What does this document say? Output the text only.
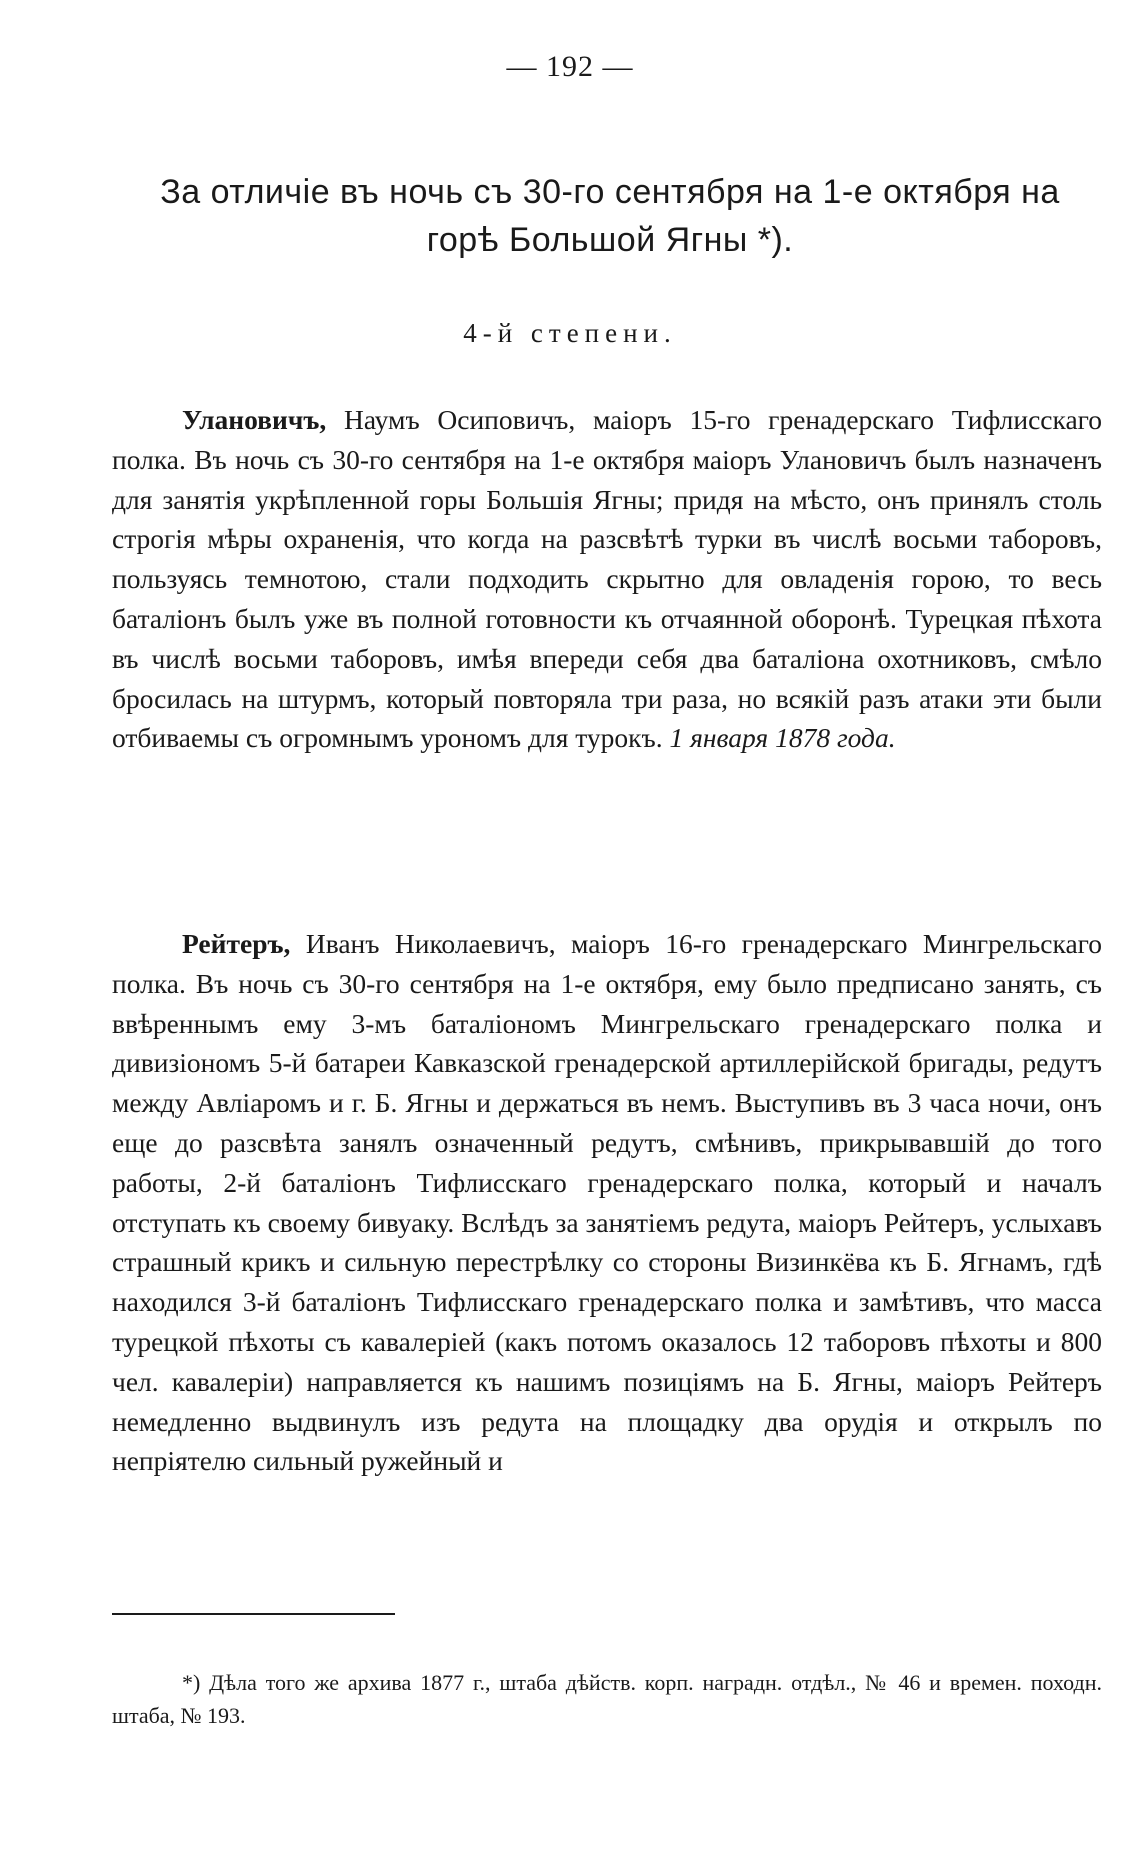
— 192 —
За отличіе въ ночь съ 30-го сентября на 1-е октября на
горѣ Большой Ягны *).
4-й степени.

Улановичъ, Наумъ Осиповичъ, маіоръ 15-го гренадерскаго Тифлисскаго полка. Въ ночь съ 30-го сентября на 1-е октября маіоръ Улановичъ былъ назначенъ для занятія укрѣпленной горы Большія Ягны; придя на мѣсто, онъ принялъ столь строгія мѣры охраненія, что когда на разсвѣтѣ турки въ числѣ восьми таборовъ, пользуясь темнотою, стали подходить скрытно для овладенія горою, то весь баталіонъ былъ уже въ полной готовности къ отчаянной оборонѣ. Турецкая пѣхота въ числѣ восьми таборовъ, имѣя впереди себя два баталіона охотниковъ, смѣло бросилась на штурмъ, который повторяла три раза, но всякій разъ атаки эти были отбиваемы съ огромнымъ урономъ для турокъ. 1 января 1878 года.

Рейтеръ, Иванъ Николаевичъ, маіоръ 16-го гренадерскаго Мингрельскаго полка. Въ ночь съ 30-го сентября на 1-е октября, ему было предписано занять, съ ввѣреннымъ ему 3-мъ баталіономъ Мингрельскаго гренадерскаго полка и дивизіономъ 5-й батареи Кавказской гренадерской артиллерійской бригады, редутъ между Авліаромъ и г. Б. Ягны и держаться въ немъ. Выступивъ въ 3 часа ночи, онъ еще до разсвѣта занялъ означенный редутъ, смѣнивъ, прикрывавшій до того работы, 2-й баталіонъ Тифлисскаго гренадерскаго полка, который и началъ отступать къ своему бивуаку. Вслѣдъ за занятіемъ редута, маіоръ Рейтеръ, услыхавъ страшный крикъ и сильную перестрѣлку со стороны Визинкёва къ Б. Ягнамъ, гдѣ находился 3-й баталіонъ Тифлисскаго гренадерскаго полка и замѣтивъ, что масса турецкой пѣхоты съ кавалеріей (какъ потомъ оказалось 12 таборовъ пѣхоты и 800 чел. кавалеріи) направляется къ нашимъ позиціямъ на Б. Ягны, маіоръ Рейтеръ немедленно выдвинулъ изъ редута на площадку два орудія и открылъ по непріятелю сильный ружейный и

*) Дѣла того же архива 1877 г., штаба дѣйств. корп. наградн. отдѣл., № 46 и времен. походн. штаба, № 193.
